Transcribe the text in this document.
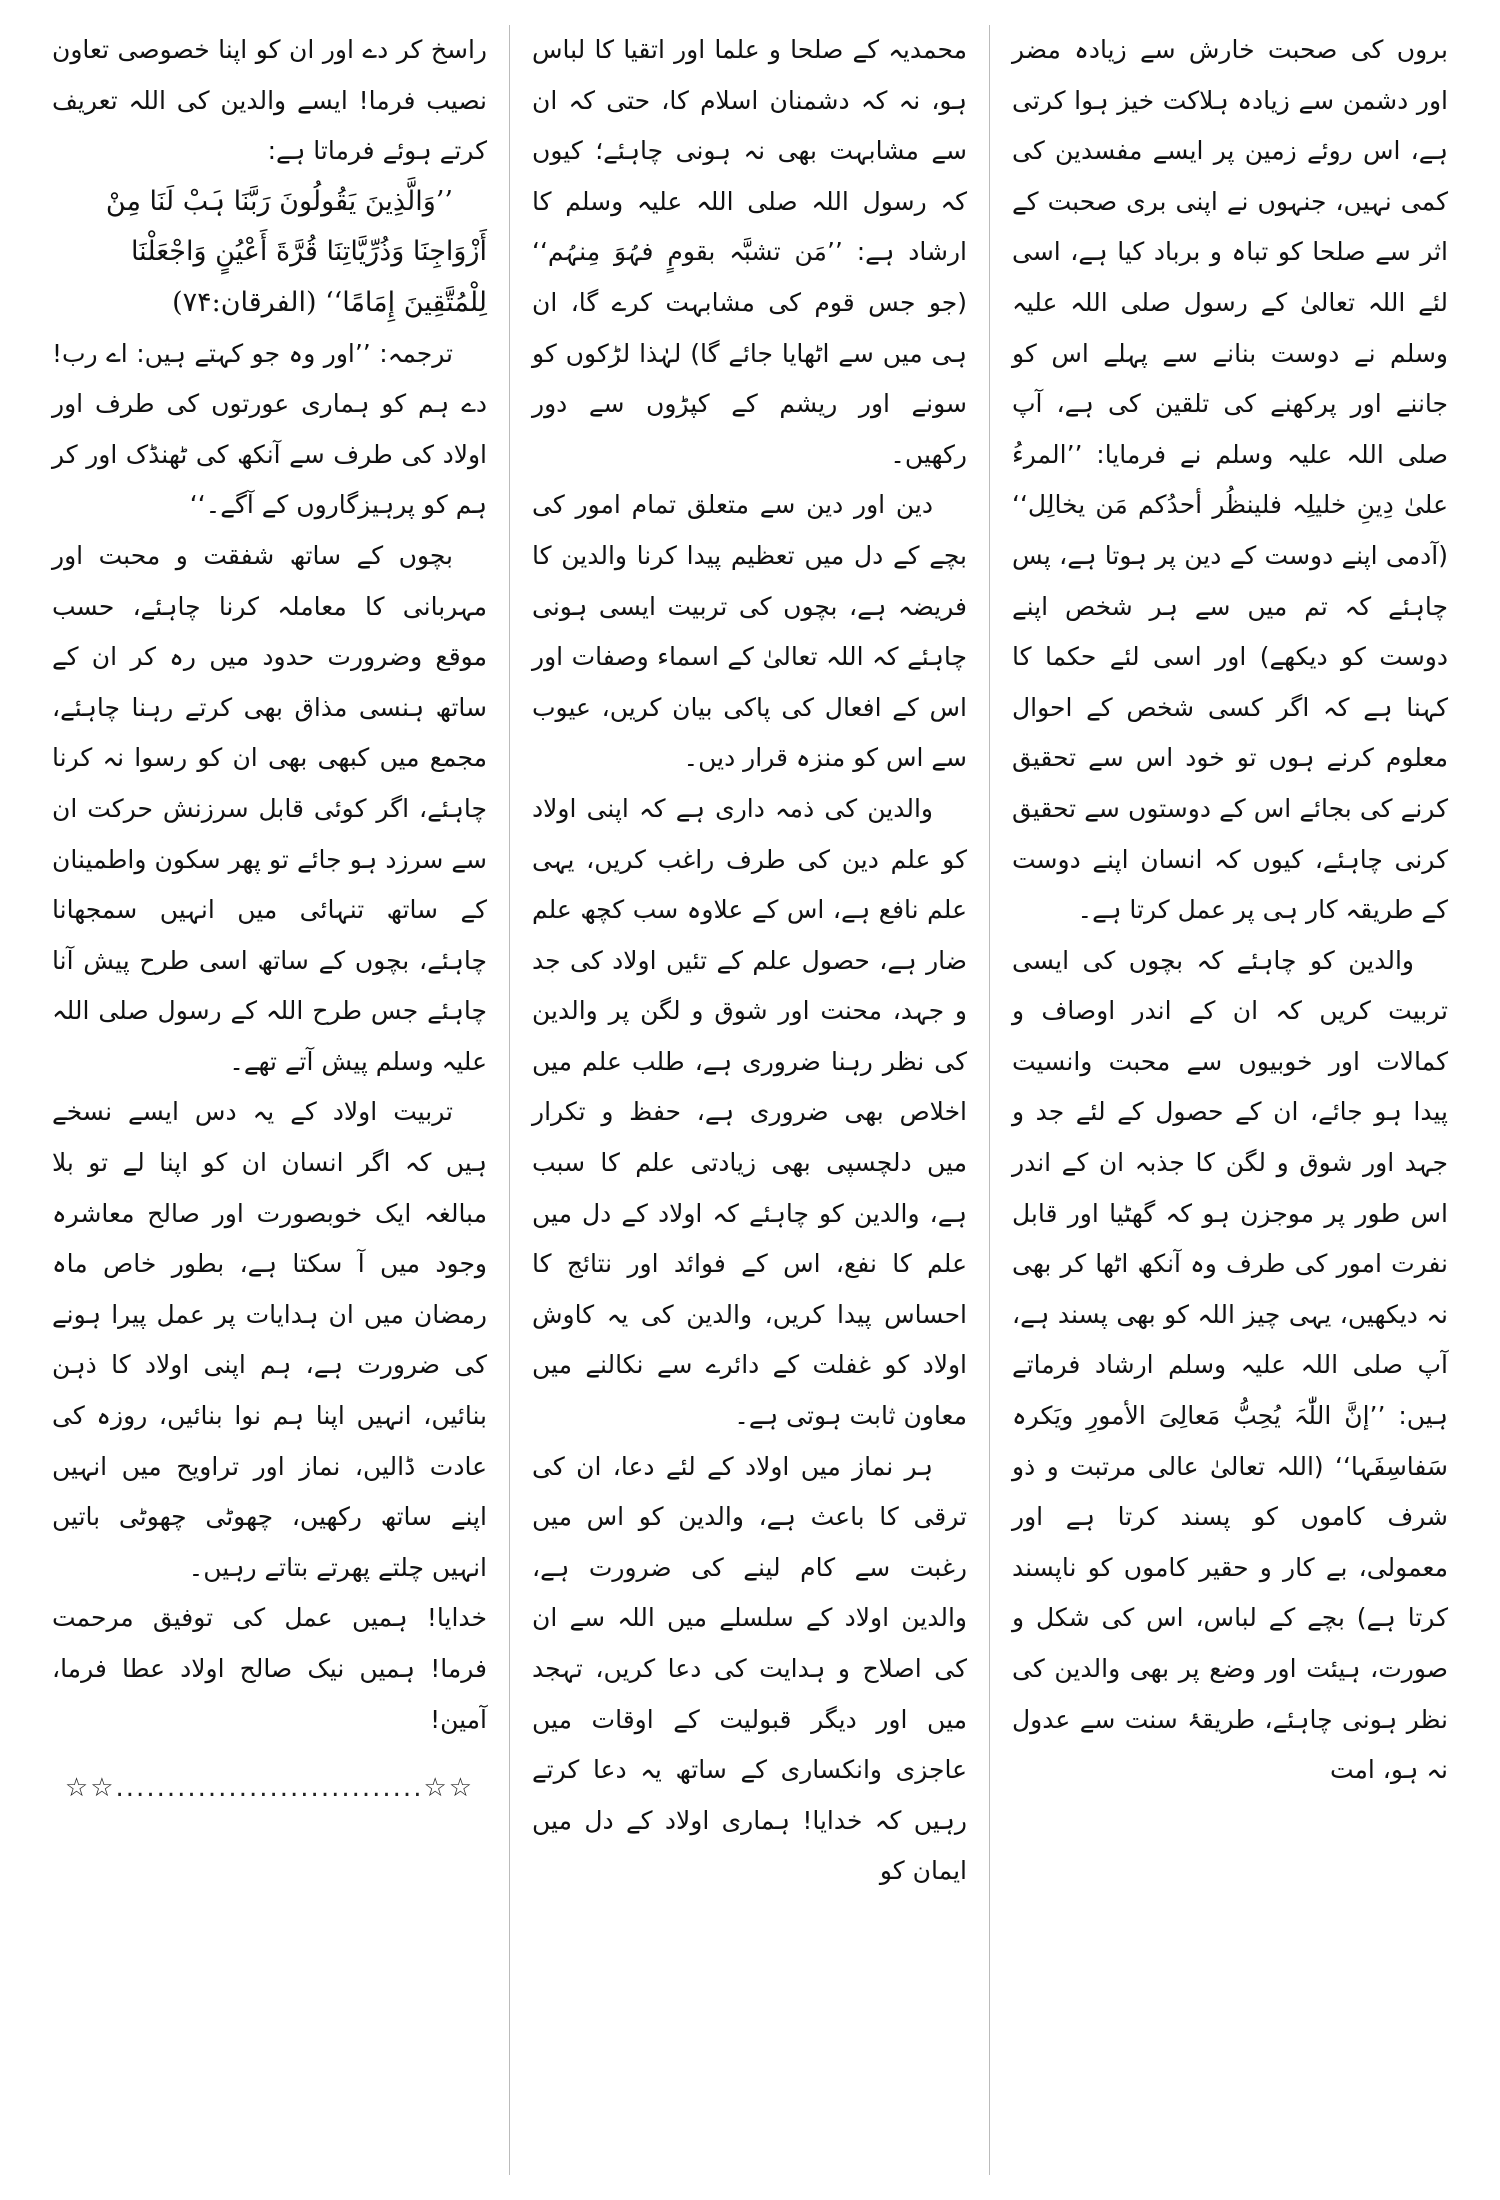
بروں کی صحبت خارش سے زیادہ مضر اور دشمن سے زیادہ ہلاکت خیز ہوا کرتی ہے، اس روئے زمین پر ایسے مفسدین کی کمی نہیں، جنہوں نے اپنی بری صحبت کے اثر سے صلحا کو تباہ و برباد کیا ہے، اسی لئے اللہ تعالیٰ کے رسول صلی اللہ علیہ وسلم نے دوست بنانے سے پہلے اس کو جاننے اور پرکھنے کی تلقین کی ہے، آپ صلی اللہ علیہ وسلم نے فرمایا: ’’المرءُ علیٰ دِینِ خلیلِہ فلینظُر أحدُکم مَن یخالِل‘‘ (آدمی اپنے دوست کے دین پر ہوتا ہے، پس چاہئے کہ تم میں سے ہر شخص اپنے دوست کو دیکھے) اور اسی لئے حکما کا کہنا ہے کہ اگر کسی شخص کے احوال معلوم کرنے ہوں تو خود اس سے تحقیق کرنے کی بجائے اس کے دوستوں سے تحقیق کرنی چاہئے، کیوں کہ انسان اپنے دوست کے طریقہ کار ہی پر عمل کرتا ہے۔

والدین کو چاہئے کہ بچوں کی ایسی تربیت کریں کہ ان کے اندر اوصاف و کمالات اور خوبیوں سے محبت وانسیت پیدا ہو جائے، ان کے حصول کے لئے جد و جہد اور شوق و لگن کا جذبہ ان کے اندر اس طور پر موجزن ہو کہ گھٹیا اور قابل نفرت امور کی طرف وہ آنکھ اٹھا کر بھی نہ دیکھیں، یہی چیز اللہ کو بھی پسند ہے، آپ صلی اللہ علیہ وسلم ارشاد فرماتے ہیں: ’’إنَّ اللّٰہَ یُحِبُّ مَعالِیَ الأمورِ ویَکرہ سَفاسِفَہا‘‘ (اللہ تعالیٰ عالی مرتبت و ذو شرف کاموں کو پسند کرتا ہے اور معمولی، بے کار و حقیر کاموں کو ناپسند کرتا ہے) بچے کے لباس، اس کی شکل و صورت، ہیئت اور وضع پر بھی والدین کی نظر ہونی چاہئے، طریقۂ سنت سے عدول نہ ہو، امت

محمدیہ کے صلحا و علما اور اتقیا کا لباس ہو، نہ کہ دشمنان اسلام کا، حتی کہ ان سے مشابہت بھی نہ ہونی چاہئے؛ کیوں کہ رسول اللہ صلی اللہ علیہ وسلم کا ارشاد ہے: ’’مَن تشبَّہ بقومٍ فہُوَ مِنہُم‘‘ (جو جس قوم کی مشابہت کرے گا، ان ہی میں سے اٹھایا جائے گا) لہٰذا لڑکوں کو سونے اور ریشم کے کپڑوں سے دور رکھیں۔

دین اور دین سے متعلق تمام امور کی بچے کے دل میں تعظیم پیدا کرنا والدین کا فریضہ ہے، بچوں کی تربیت ایسی ہونی چاہئے کہ اللہ تعالیٰ کے اسماء وصفات اور اس کے افعال کی پاکی بیان کریں، عیوب سے اس کو منزہ قرار دیں۔

والدین کی ذمہ داری ہے کہ اپنی اولاد کو علم دین کی طرف راغب کریں، یہی علم نافع ہے، اس کے علاوہ سب کچھ علم ضار ہے، حصول علم کے تئیں اولاد کی جد و جہد، محنت اور شوق و لگن پر والدین کی نظر رہنا ضروری ہے، طلب علم میں اخلاص بھی ضروری ہے، حفظ و تکرار میں دلچسپی بھی زیادتی علم کا سبب ہے، والدین کو چاہئے کہ اولاد کے دل میں علم کا نفع، اس کے فوائد اور نتائج کا احساس پیدا کریں، والدین کی یہ کاوش اولاد کو غفلت کے دائرے سے نکالنے میں معاون ثابت ہوتی ہے۔

ہر نماز میں اولاد کے لئے دعا، ان کی ترقی کا باعث ہے، والدین کو اس میں رغبت سے کام لینے کی ضرورت ہے، والدین اولاد کے سلسلے میں اللہ سے ان کی اصلاح و ہدایت کی دعا کریں، تہجد میں اور دیگر قبولیت کے اوقات میں عاجزی وانکساری کے ساتھ یہ دعا کرتے رہیں کہ خدایا! ہماری اولاد کے دل میں ایمان کو

راسخ کر دے اور ان کو اپنا خصوصی تعاون نصیب فرما! ایسے والدین کی اللہ تعریف کرتے ہوئے فرماتا ہے:

’’وَالَّذِینَ یَقُولُونَ رَبَّنَا ہَبْ لَنَا مِنْ أَزْوَاجِنَا وَذُرِّیَّاتِنَا قُرَّةَ أَعْیُنٍ وَاجْعَلْنَا لِلْمُتَّقِینَ إِمَامًا‘‘ (الفرقان:۷۴)

ترجمہ: ’’اور وہ جو کہتے ہیں: اے رب! دے ہم کو ہماری عورتوں کی طرف اور اولاد کی طرف سے آنکھ کی ٹھنڈک اور کر ہم کو پرہیزگاروں کے آگے۔‘‘

بچوں کے ساتھ شفقت و محبت اور مہربانی کا معاملہ کرنا چاہئے، حسب موقع وضرورت حدود میں رہ کر ان کے ساتھ ہنسی مذاق بھی کرتے رہنا چاہئے، مجمع میں کبھی بھی ان کو رسوا نہ کرنا چاہئے، اگر کوئی قابل سرزنش حرکت ان سے سرزد ہو جائے تو پھر سکون واطمینان کے ساتھ تنہائی میں انہیں سمجھانا چاہئے، بچوں کے ساتھ اسی طرح پیش آنا چاہئے جس طرح اللہ کے رسول صلی اللہ علیہ وسلم پیش آتے تھے۔

تربیت اولاد کے یہ دس ایسے نسخے ہیں کہ اگر انسان ان کو اپنا لے تو بلا مبالغہ ایک خوبصورت اور صالح معاشرہ وجود میں آ سکتا ہے، بطور خاص ماہ رمضان میں ان ہدایات پر عمل پیرا ہونے کی ضرورت ہے، ہم اپنی اولاد کا ذہن بنائیں، انہیں اپنا ہم نوا بنائیں، روزہ کی عادت ڈالیں، نماز اور تراویح میں انہیں اپنے ساتھ رکھیں، چھوٹی چھوٹی باتیں انہیں چلتے پھرتے بتاتے رہیں۔

خدایا! ہمیں عمل کی توفیق مرحمت فرما! ہمیں نیک صالح اولاد عطا فرما، آمین!

☆☆..............................☆☆
